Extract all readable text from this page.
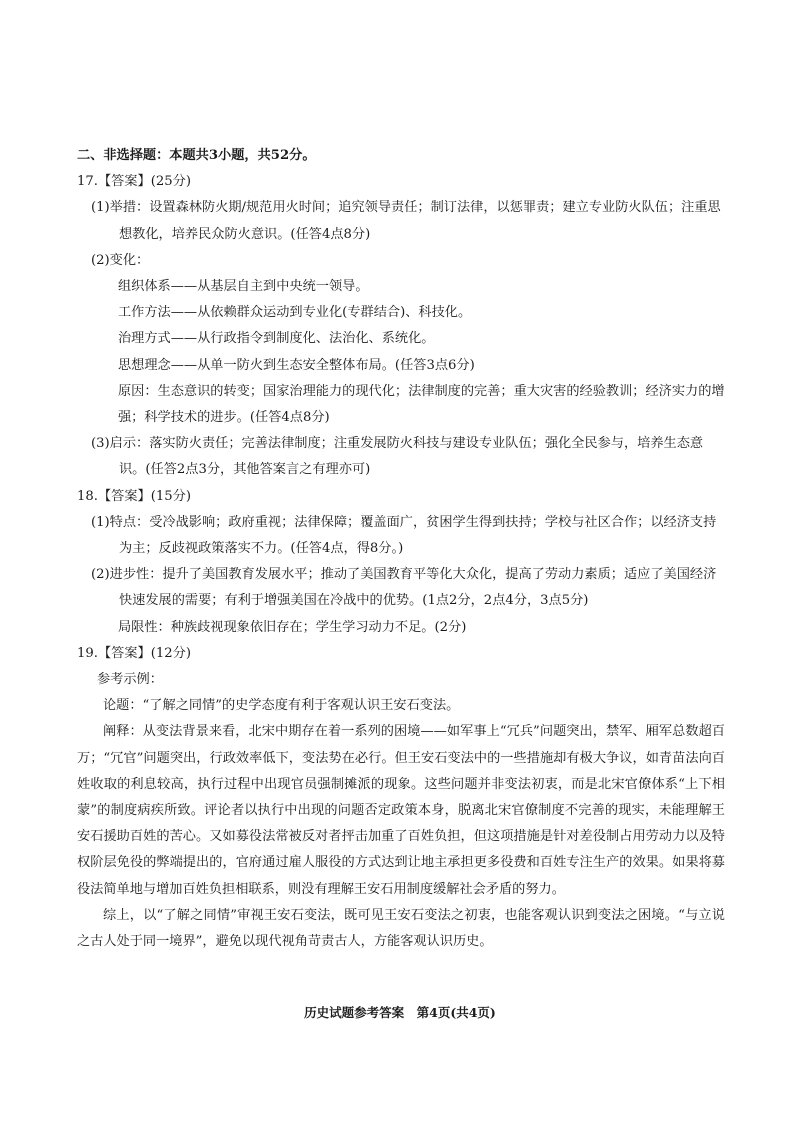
二、非选择题：本题共3小题，共52分。

17.【答案】(25分)

(1)举措：设置森林防火期/规范用火时间；追究领导责任；制订法律，以惩罪责；建立专业防火队伍；注重思想教化，培养民众防火意识。(任答4点8分)

(2)变化：

组织体系——从基层自主到中央统一领导。

工作方法——从依赖群众运动到专业化(专群结合)、科技化。

治理方式——从行政指令到制度化、法治化、系统化。

思想理念——从单一防火到生态安全整体布局。(任答3点6分)

原因：生态意识的转变；国家治理能力的现代化；法律制度的完善；重大灾害的经验教训；经济实力的增强；科学技术的进步。(任答4点8分)

(3)启示：落实防火责任；完善法律制度；注重发展防火科技与建设专业队伍；强化全民参与，培养生态意识。(任答2点3分，其他答案言之有理亦可)

18.【答案】(15分)

(1)特点：受冷战影响；政府重视；法律保障；覆盖面广，贫困学生得到扶持；学校与社区合作；以经济支持为主；反歧视政策落实不力。(任答4点，得8分。)

(2)进步性：提升了美国教育发展水平；推动了美国教育平等化大众化，提高了劳动力素质；适应了美国经济快速发展的需要；有利于增强美国在冷战中的优势。(1点2分，2点4分，3点5分)

局限性：种族歧视现象依旧存在；学生学习动力不足。(2分)

19.【答案】(12分)

参考示例：

论题：“了解之同情”的史学态度有利于客观认识王安石变法。

阐释：从变法背景来看，北宋中期存在着一系列的困境——如军事上“冗兵”问题突出，禁军、厢军总数超百万；“冗官”问题突出，行政效率低下，变法势在必行。但王安石变法中的一些措施却有极大争议，如青苗法向百姓收取的利息较高，执行过程中出现官员强制摊派的现象。这些问题并非变法初衷，而是北宋官僚体系“上下相蒙”的制度病疾所致。评论者以执行中出现的问题否定政策本身，脱离北宋官僚制度不完善的现实，未能理解王安石援助百姓的苦心。又如募役法常被反对者抨击加重了百姓负担，但这项措施是针对差役制占用劳动力以及特权阶层免役的弊端提出的，官府通过雇人服役的方式达到让地主承担更多役费和百姓专注生产的效果。如果将募役法简单地与增加百姓负担相联系，则没有理解王安石用制度缓解社会矛盾的努力。

综上，以“了解之同情”审视王安石变法，既可见王安石变法之初衷，也能客观认识到变法之困境。“与立说之古人处于同一境界”，避免以现代视角苛责古人，方能客观认识历史。

历史试题参考答案　第4页(共4页)
